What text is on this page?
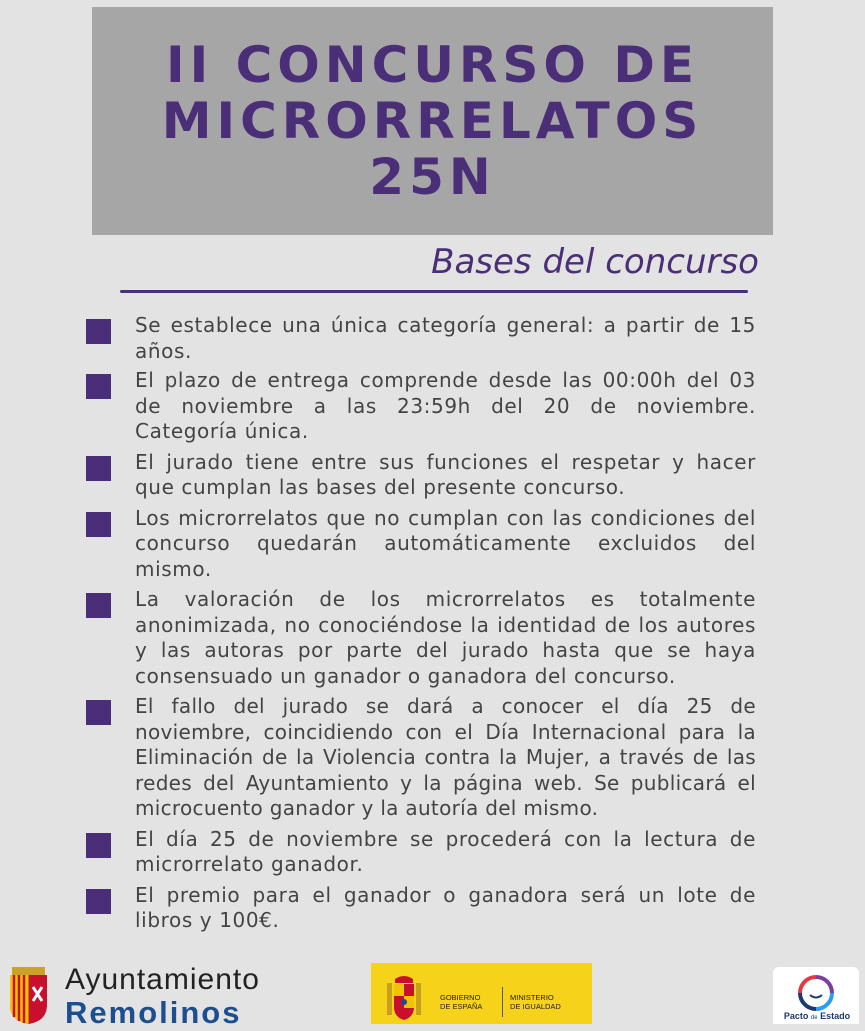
II CONCURSO DE
MICRORRELATOS
25N
Bases del concurso
Se establece una única categoría general: a partir de 15 años.
El plazo de entrega comprende desde las 00:00h del 03 de noviembre a las 23:59h del 20 de noviembre. Categoría única.
El jurado tiene entre sus funciones el respetar y hacer que cumplan las bases del presente concurso.
Los microrrelatos que no cumplan con las condiciones del concurso quedarán automáticamente excluidos del mismo.
La valoración de los microrrelatos es totalmente anonimizada, no conociéndose la identidad de los autores y las autoras por parte del jurado hasta que se haya consensuado un ganador o ganadora del concurso.
El fallo del jurado se dará a conocer el día 25 de noviembre, coincidiendo con el Día Internacional para la Eliminación de la Violencia contra la Mujer, a través de las redes del Ayuntamiento y la página web. Se publicará el microcuento ganador y la autoría del mismo.
El día 25 de noviembre se procederá con la lectura de microrrelato ganador.
El premio para el ganador o ganadora será un lote de libros y 100€.
Ayuntamiento
Remolinos	GOBIERNO
DE ESPAÑA
MINISTERIO
DE IGUALDAD
Pacto de Estado
